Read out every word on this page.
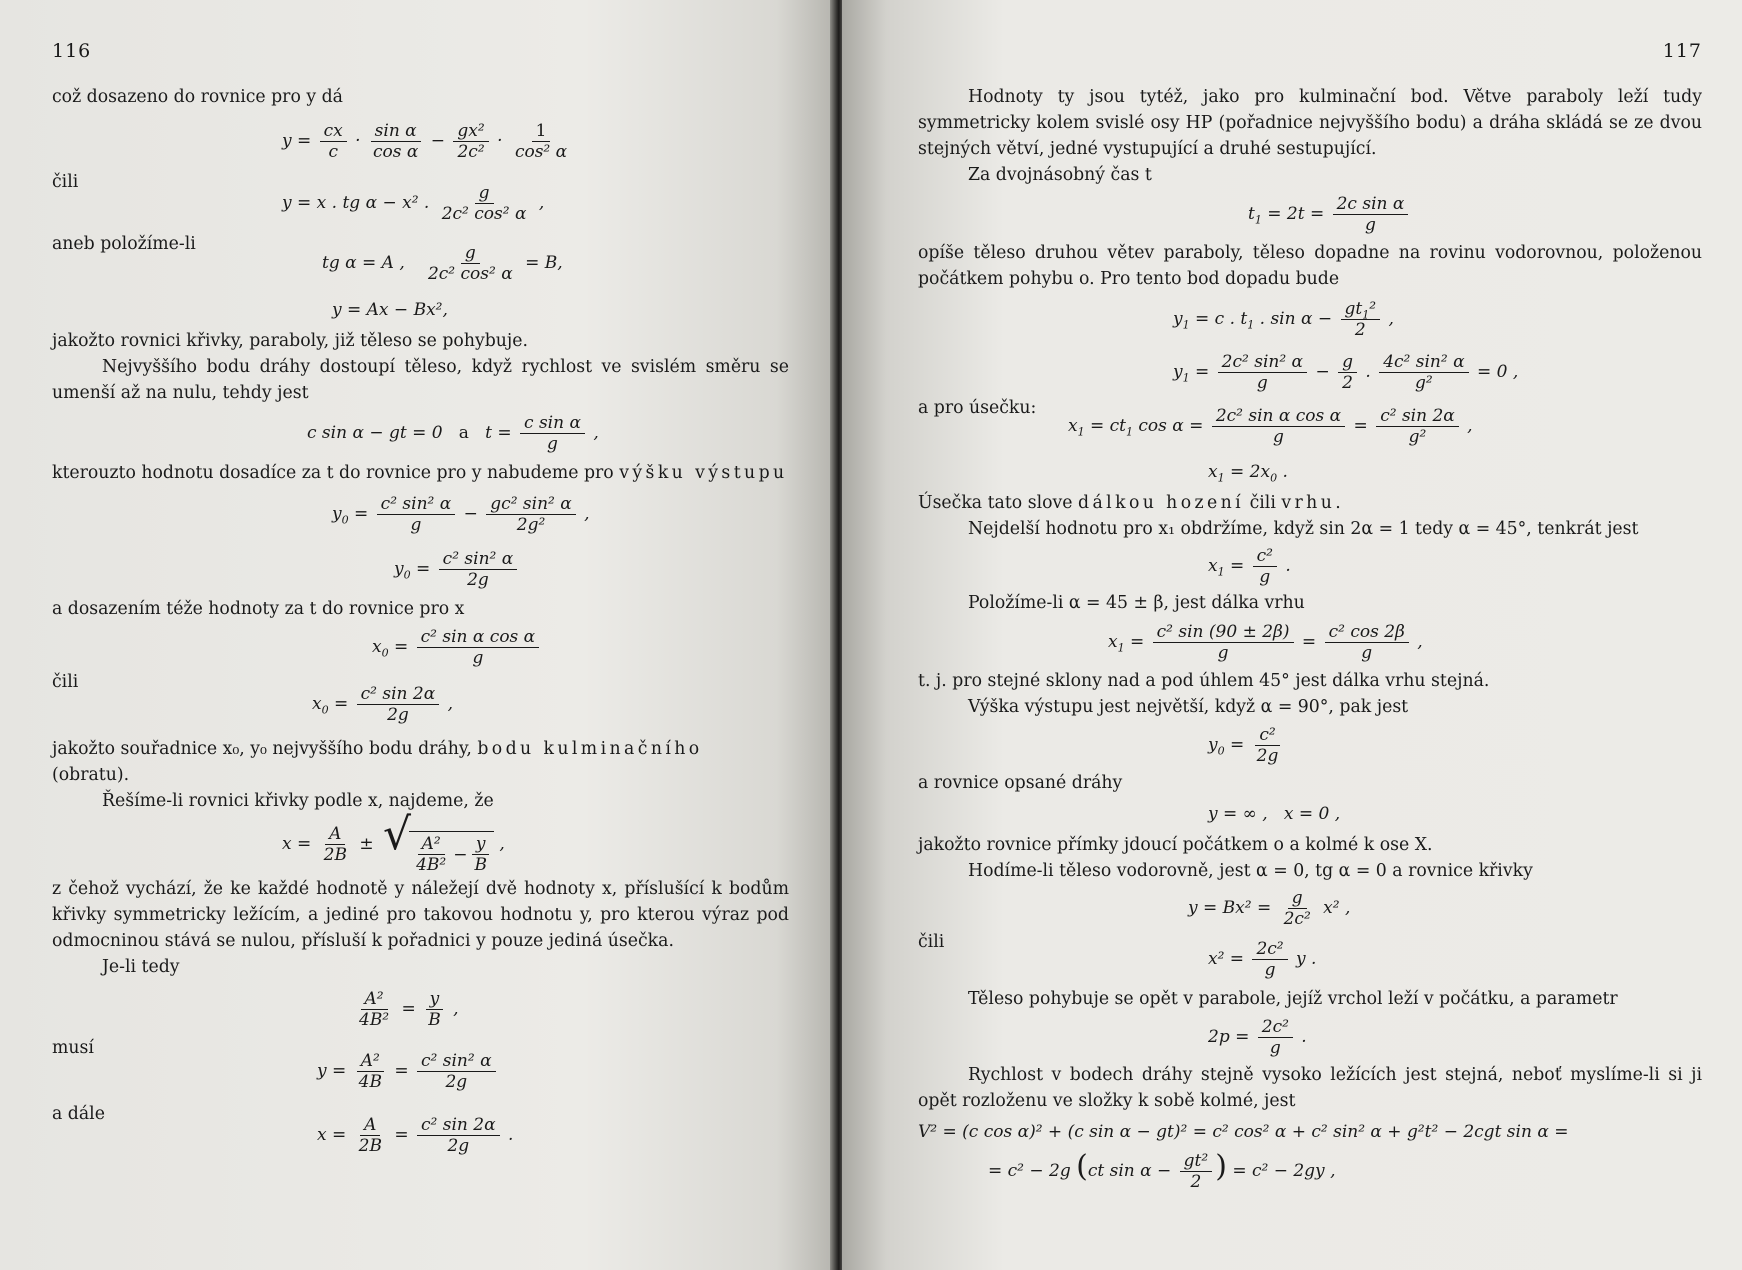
116

což dosazeno do rovnice pro y dá

$y = \frac{cx}{c} \cdot \frac{\text{sin α}}{\text{cos α}} - \frac{\text{gx²}}{\text{2c²}} \cdot \frac{1}{\text{cos² α}}$
čili
y = x . tg α − x² . $\frac{g}{\text{2c² cos² α}}$ ,
aneb položíme-li
tg α = A , $\frac{g}{\text{2c² cos² α}} = B$,
y = Ax − Bx²,

jakožto rovnici křivky, paraboly, již těleso se pohybuje.

Nejvyššího bodu dráhy dostoupí těleso, když rychlost ve svislém směru se umenší až na nulu, tehdy jest

c sin α − gt = 0   a   $t = \frac{\text{c sin α}}{g}$ ,

kterouzto hodnotu dosadíce za t do rovnice pro y nabudeme pro výšku výstupu

$y_0 = \frac{\text{c² sin² α}}{g} - \frac{\text{gc² sin² α}}{\text{2g²}}$ ,
$y_0 = \frac{\text{c² sin² α}}{2g}$

a dosazením téže hodnoty za t do rovnice pro x

$x_0 = \frac{\text{c² sin α cos α}}{g}$
čili
$x_0 = \frac{\text{c² sin 2α}}{2g}$ ,

jakožto souřadnice x₀, y₀ nejvyššího bodu dráhy, bodu kulminačního
(obratu).

Řešíme-li rovnici křivky podle x, najdeme, že

$x = \frac{A}{2B}$ ± √ $\frac{\text{A²}}{\text{4B²}} - \frac{y}{B}$ ,

z čehož vychází, že ke každé hodnotě y náležejí dvě hodnoty x, příslušící k bodům křivky symmetricky ležícím, a jediné pro takovou hodnotu y, pro kterou výraz pod odmocninou stává se nulou, přísluší k pořadnici y pouze jediná úsečka.

Je-li tedy

$\frac{\text{A²}}{\text{4B²}} = \frac{y}{B}$ ,
musí
$y = \frac{\text{A²}}{4B} = \frac{\text{c² sin² α}}{2g}$
a dále
$x = \frac{A}{2B} = \frac{\text{c² sin 2α}}{2g}$ .
117

Hodnoty ty jsou tytéž, jako pro kulminační bod. Větve paraboly leží tudy symmetricky kolem svislé osy HP (pořadnice nejvyššího bodu) a dráha skládá se ze dvou stejných větví, jedné vystupující a druhé sestupující.

Za dvojnásobný čas t

$t_1 = 2t = \frac{\text{2c sin α}}{g}$

opíše těleso druhou větev paraboly, těleso dopadne na rovinu vodorovnou, položenou počátkem pohybu o. Pro tento bod dopadu bude

$y_1 = c$ . $t_1$ . $\sin \alpha - \frac{gt_1^2}{2}$ ,
$y_1 = \frac{\text{2c² sin² α}}{g} - \frac{g}{2}$ . $\frac{\text{4c² sin² α}}{\text{g²}} = 0$ ,
a pro úsečku:
$x_1 = ct_1$ $\cos \alpha = \frac{\text{2c² sin α cos α}}{g} = \frac{\text{c² sin 2α}}{\text{g²}}$ ,
$x_1 = 2x_0$ .

Úsečka tato slove dálkou hození čili vrhu.

Nejdelší hodnotu pro x₁ obdržíme, když sin 2α = 1 tedy α = 45°, tenkrát jest

$x_1 = \frac{\text{c²}}{g}$ .

Položíme-li α = 45 ± β, jest dálka vrhu

$x_1 = \frac{\text{c² sin (90 ± 2β)}}{g} = \frac{\text{c² cos 2β}}{g}$ ,

t. j. pro stejné sklony nad a pod úhlem 45° jest dálka vrhu stejná.

Výška výstupu jest největší, když α = 90°, pak jest

$y_0 = \frac{\text{c²}}{2g}$

a rovnice opsané dráhy

y = ∞ ,   x = 0 ,

jakožto rovnice přímky jdoucí počátkem o a kolmé k ose X.

Hodíme-li těleso vodorovně, jest α = 0, tg α = 0 a rovnice křivky

$y = Bx^2 = \frac{g}{\text{2c²}} x^2$ ,
čili
$x^2 = \frac{\text{2c²}}{g}$ y .

Těleso pohybuje se opět v parabole, jejíž vrchol leží v počátku, a parametr

$2p = \frac{\text{2c²}}{g}$ .

Rychlost v bodech dráhy stejně vysoko ležících jest stejná, neboť myslíme-li si ji opět rozloženu ve složky k sobě kolmé, jest

V² = (c cos α)² + (c sin α − gt)² = c² cos² α + c² sin² α + g²t² − 2cgt sin α =
= c² − 2g (ct $\sin \alpha - \frac{\text{gt²}}{2}$ ) = c² − 2gy ,
